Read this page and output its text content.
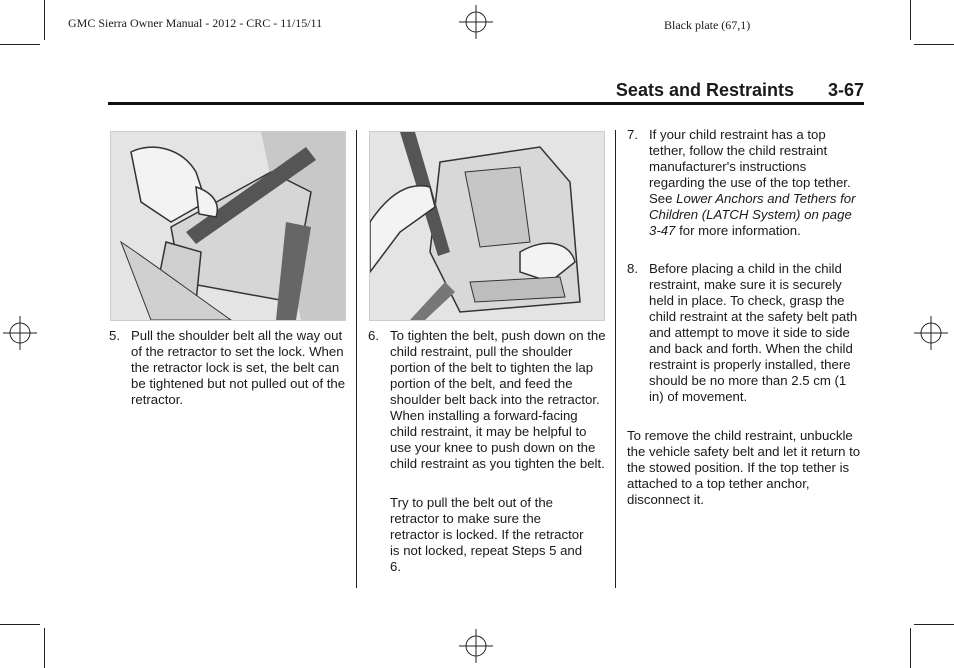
GMC Sierra Owner Manual - 2012 - CRC - 11/15/11	Black plate (67,1)
Seats and Restraints 3-67
5. Pull the shoulder belt all the way out of the retractor to set the lock. When the retractor lock is set, the belt can be tightened but not pulled out of the retractor.
6. To tighten the belt, push down on the child restraint, pull the shoulder portion of the belt to tighten the lap portion of the belt, and feed the shoulder belt back into the retractor. When installing a forward-facing child restraint, it may be helpful to use your knee to push down on the child restraint as you tighten the belt.
Try to pull the belt out of the retractor to make sure the retractor is locked. If the retractor is not locked, repeat Steps 5 and 6.
7. If your child restraint has a top tether, follow the child restraint manufacturer's instructions regarding the use of the top tether. See Lower Anchors and Tethers for Children (LATCH System) on page 3-47 for more information.
8. Before placing a child in the child restraint, make sure it is securely held in place. To check, grasp the child restraint at the safety belt path and attempt to move it side to side and back and forth. When the child restraint is properly installed, there should be no more than 2.5 cm (1 in) of movement.
To remove the child restraint, unbuckle the vehicle safety belt and let it return to the stowed position. If the top tether is attached to a top tether anchor, disconnect it.
